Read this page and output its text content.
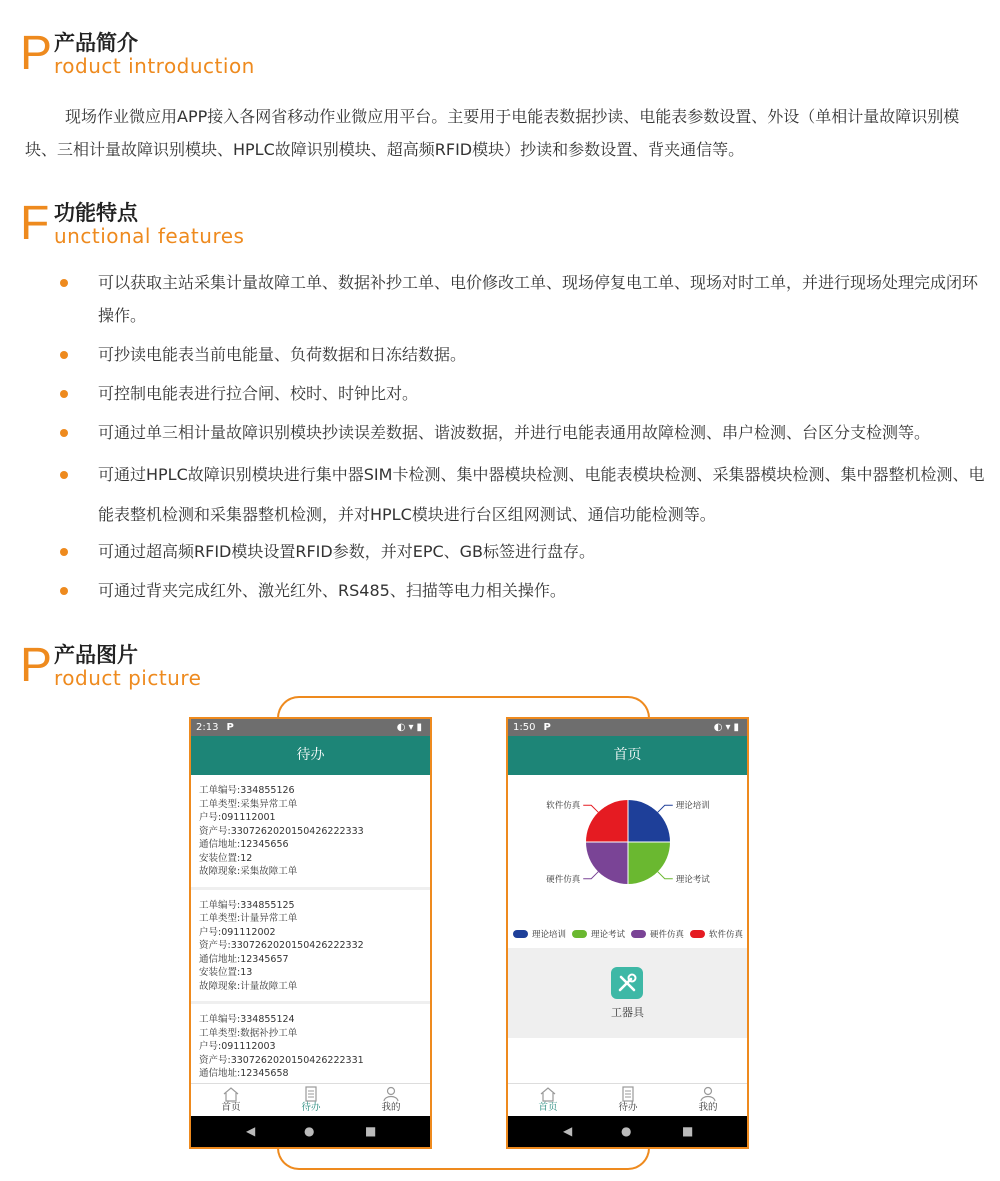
P 产品简介
roduct introduction

现场作业微应用APP接入各网省移动作业微应用平台。主要用于电能表数据抄读、电能表参数设置、外设（单相计量故障识别模块、三相计量故障识别模块、HPLC故障识别模块、超高频RFID模块）抄读和参数设置、背夹通信等。

F 功能特点
unctional features
可以获取主站采集计量故障工单、数据补抄工单、电价修改工单、现场停复电工单、现场对时工单，并进行现场处理完成闭环操作。
可抄读电能表当前电能量、负荷数据和日冻结数据。
可控制电能表进行拉合闸、校时、时钟比对。
可通过单三相计量故障识别模块抄读误差数据、谐波数据，并进行电能表通用故障检测、串户检测、台区分支检测等。
可通过HPLC故障识别模块进行集中器SIM卡检测、集中器模块检测、电能表模块检测、采集器模块检测、集中器整机检测、电能表整机检测和采集器整机检测，并对HPLC模块进行台区组网测试、通信功能检测等。
可通过超高频RFID模块设置RFID参数，并对EPC、GB标签进行盘存。
可通过背夹完成红外、激光红外、RS485、扫描等电力相关操作。
P 产品图片
roduct picture
2:13 P	◐▾▮
待办
工单编号:334855126
工单类型:采集异常工单
户号:091112001
资产号:3307262020150426222333
通信地址:12345656
安装位置:12
故障现象:采集故障工单
工单编号:334855125
工单类型:计量异常工单
户号:091112002
资产号:3307262020150426222332
通信地址:12345657
安装位置:13
故障现象:计量故障工单
工单编号:334855124
工单类型:数据补抄工单
户号:091112003
资产号:3307262020150426222331
通信地址:12345658
首页	待办	我的
◀	●	■
1:50 P	◐▾▮
首页
理论培训
理论考试
硬件仿真
软件仿真
理论培训	理论考试	硬件仿真	软件仿真
工器具
首页	待办	我的
◀	●	■
